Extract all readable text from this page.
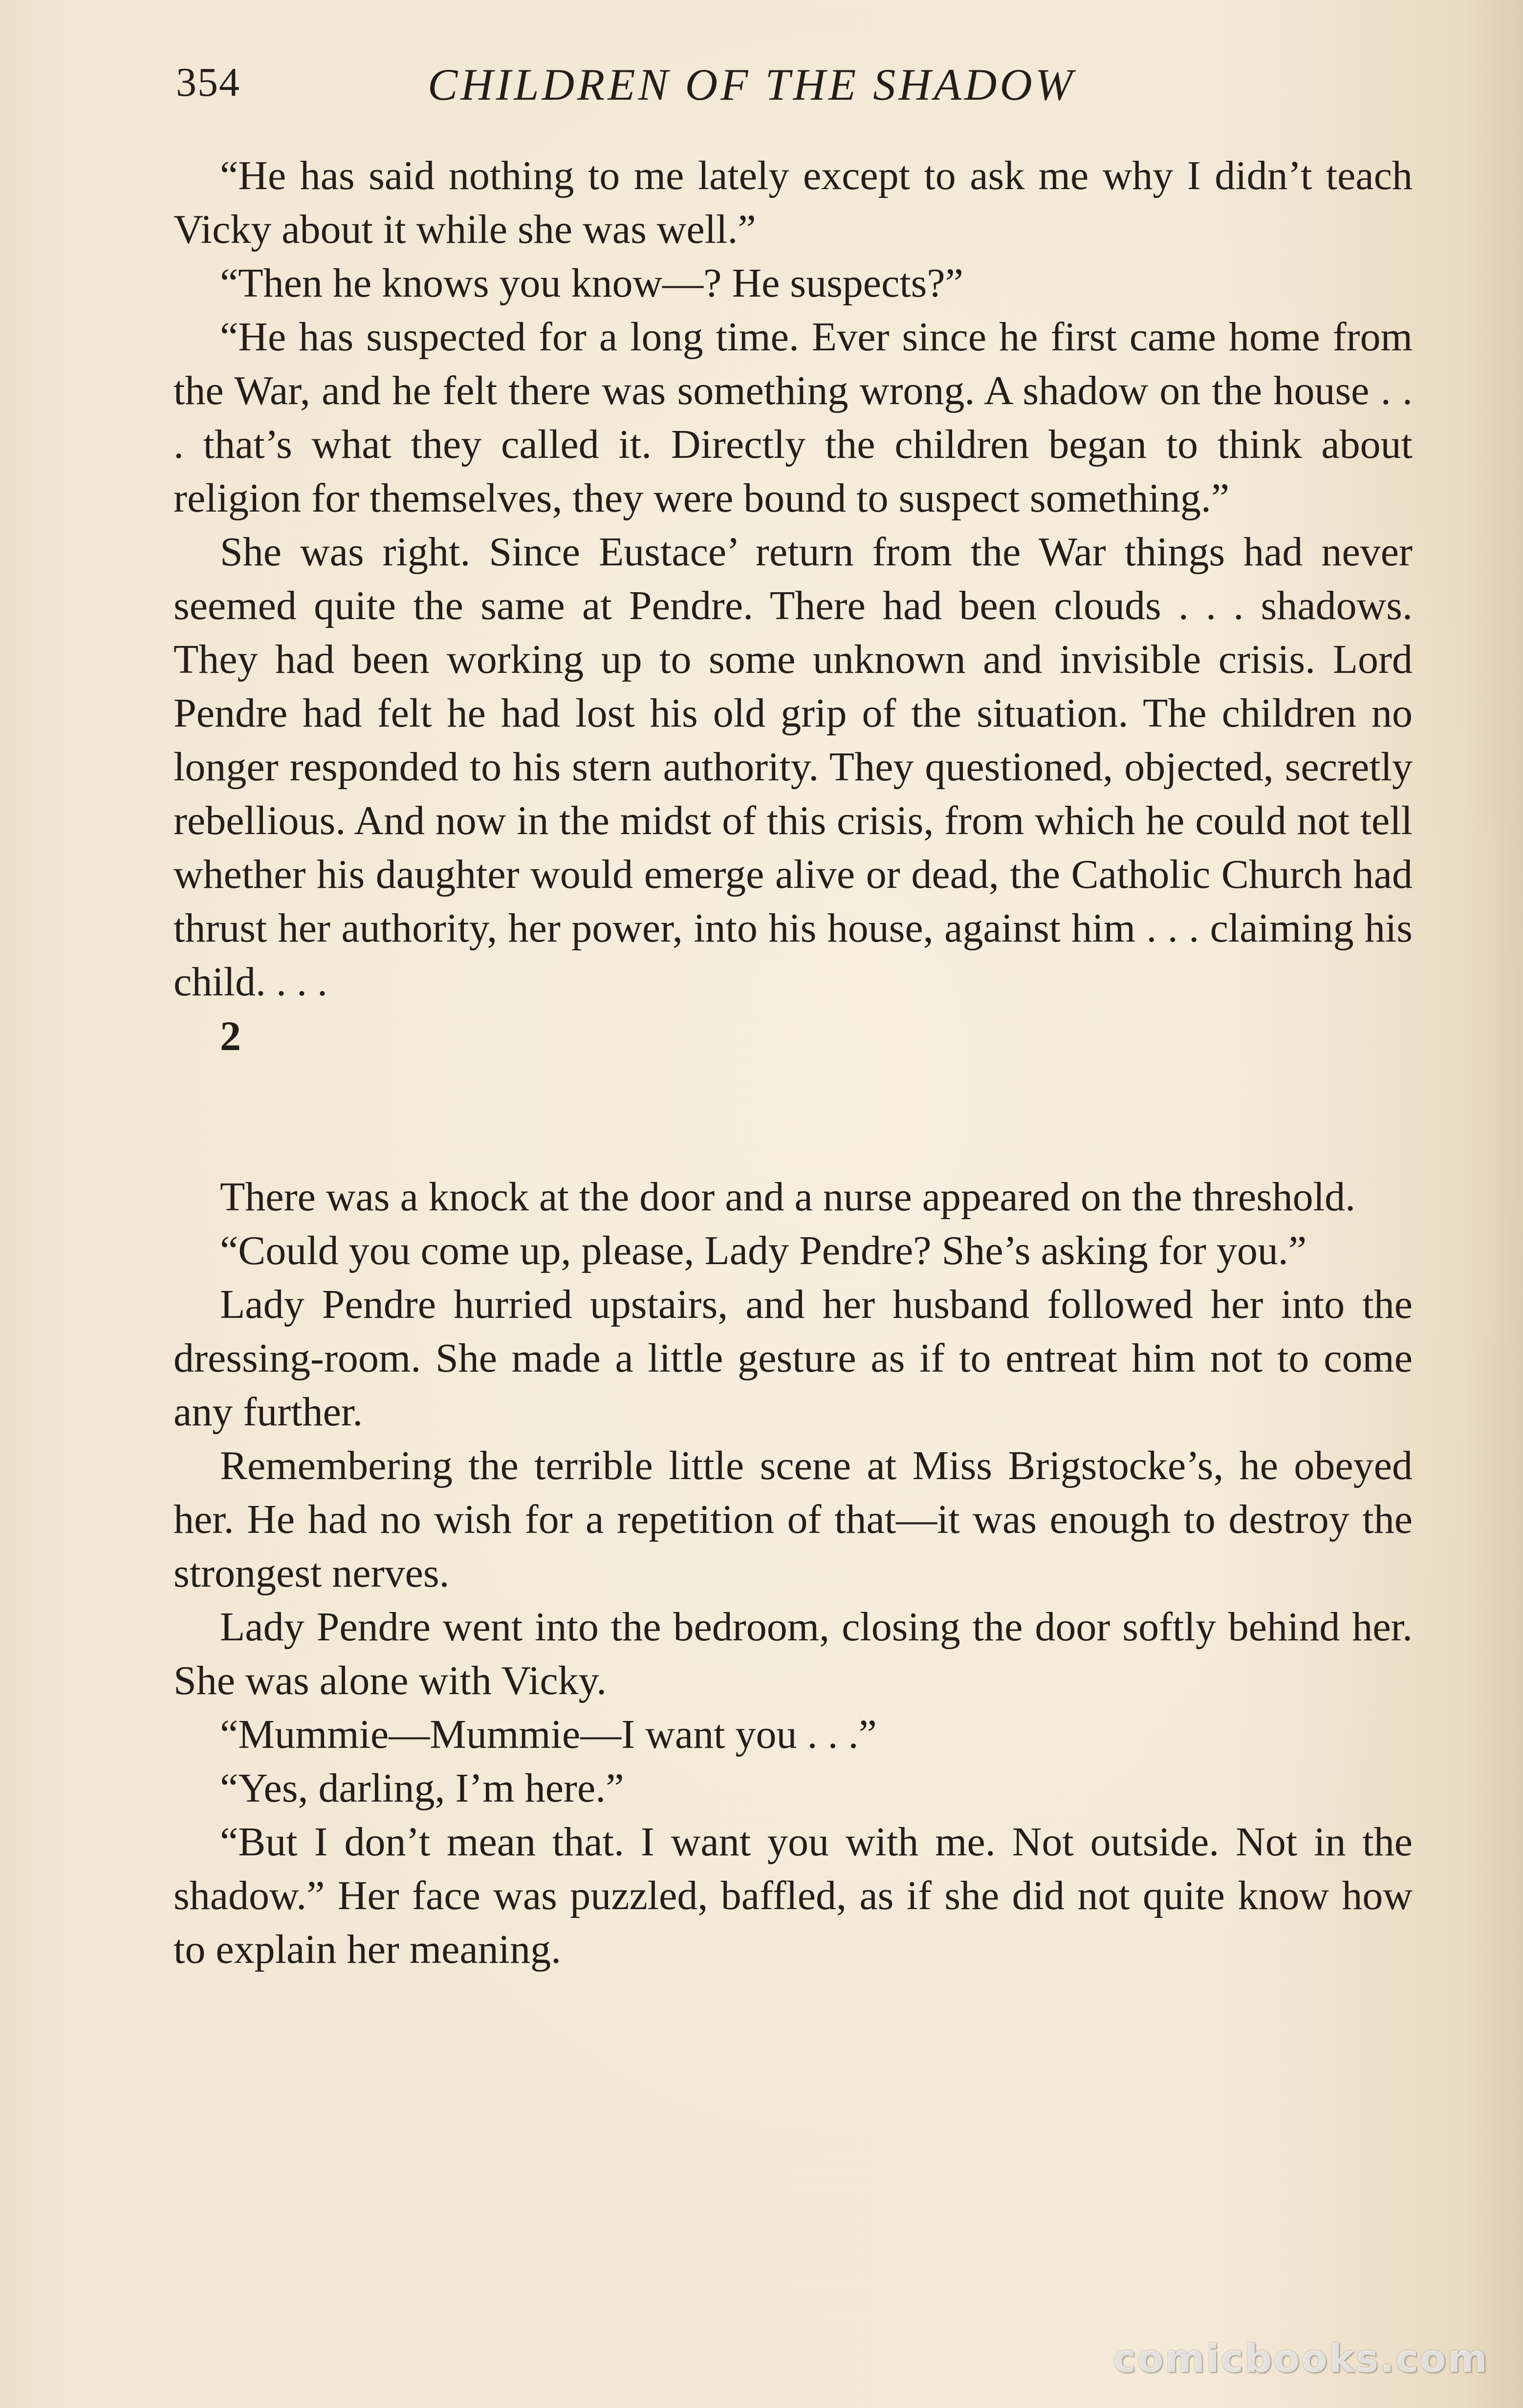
354	CHILDREN OF THE SHADOW

“He has said nothing to me lately except to ask me why I didn’t teach Vicky about it while she was well.”

“Then he knows you know—? He suspects?”

“He has suspected for a long time. Ever since he first came home from the War, and he felt there was something wrong. A shadow on the house . . . that’s what they called it. Directly the children began to think about religion for themselves, they were bound to suspect something.”

She was right. Since Eustace’ return from the War things had never seemed quite the same at Pendre. There had been clouds . . . shadows. They had been working up to some unknown and invisible crisis. Lord Pendre had felt he had lost his old grip of the situation. The children no longer responded to his stern authority. They questioned, objected, secretly rebellious. And now in the midst of this crisis, from which he could not tell whether his daughter would emerge alive or dead, the Catholic Church had thrust her authority, her power, into his house, against him . . . claiming his child. . . .

2

There was a knock at the door and a nurse appeared on the threshold.

“Could you come up, please, Lady Pendre? She’s asking for you.”

Lady Pendre hurried upstairs, and her husband followed her into the dressing-room. She made a little gesture as if to entreat him not to come any further.

Remembering the terrible little scene at Miss Brigstocke’s, he obeyed her. He had no wish for a repetition of that—it was enough to destroy the strongest nerves.

Lady Pendre went into the bedroom, closing the door softly behind her. She was alone with Vicky.

“Mummie—Mummie—I want you . . .”

“Yes, darling, I’m here.”

“But I don’t mean that. I want you with me. Not outside. Not in the shadow.” Her face was puzzled, baffled, as if she did not quite know how to explain her meaning.

comicbooks.com
